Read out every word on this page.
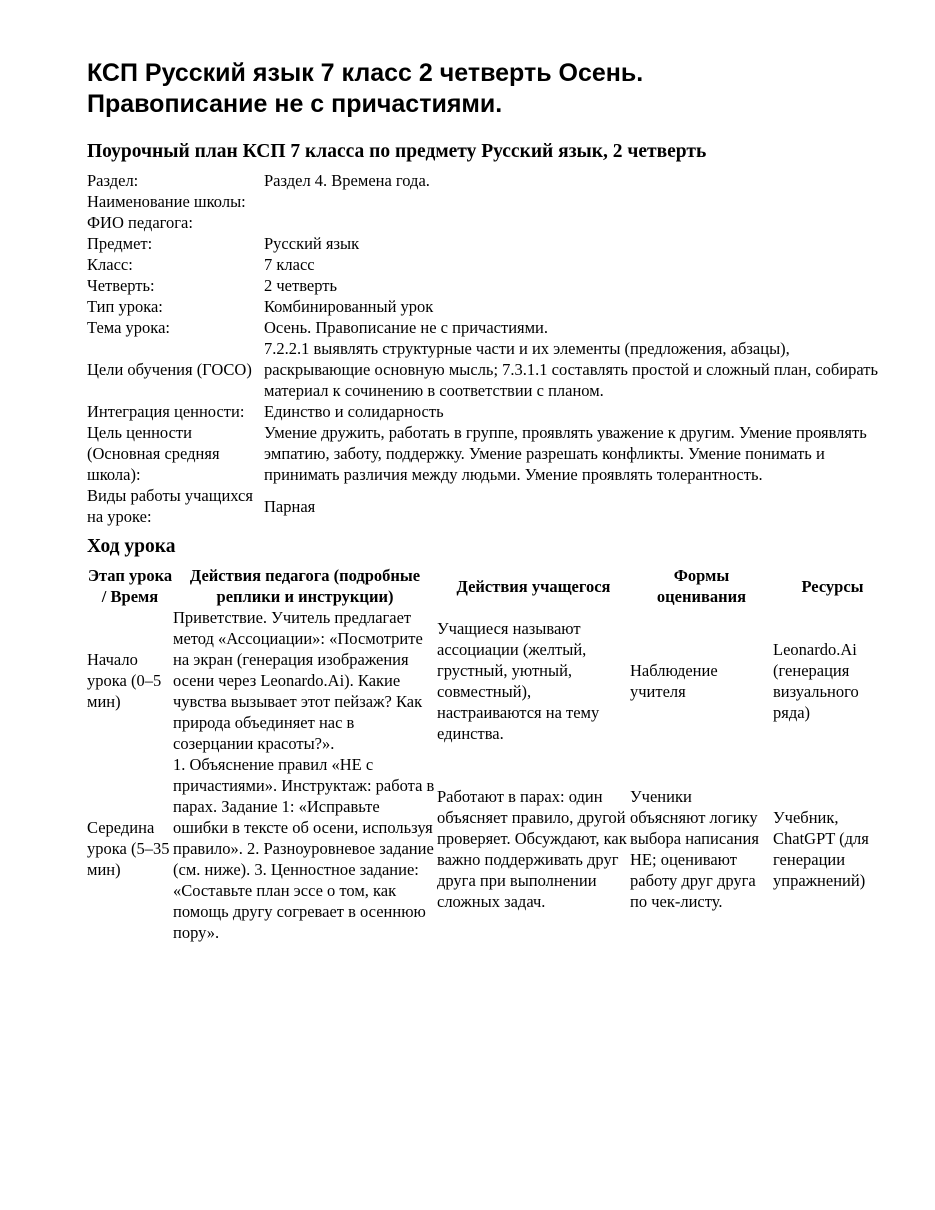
КСП Русский язык 7 класс 2 четверть Осень.
Правописание не с причастиями.
Поурочный план КСП 7 класса по предмету Русский язык, 2 четверть
Раздел:	Раздел 4. Времена года.
Наименование школы:	
ФИО педагога:	
Предмет:	Русский язык
Класс:	7 класс
Четверть:	2 четверть
Тип урока:	Комбинированный урок
Тема урока:	Осень. Правописание не с причастиями.
Цели обучения (ГОСО)	7.2.2.1 выявлять структурные части и их элементы (предложения, абзацы), раскрывающие основную мысль; 7.3.1.1 составлять простой и сложный план, собирать материал к сочинению в соответствии с планом.
Интеграция ценности:	Единство и солидарность
Цель ценности (Основная средняя школа):	Умение дружить, работать в группе, проявлять уважение к другим. Умение проявлять эмпатию, заботу, поддержку. Умение разрешать конфликты. Умение понимать и принимать различия между людьми. Умение проявлять толерантность.
Виды работы учащихся на уроке:	Парная
Ход урока
Этап урока / Время	Действия педагога (подробные реплики и инструкции)	Действия учащегося	Формы оценивания	Ресурсы
Начало урока (0–5 мин)	Приветствие. Учитель предлагает метод «Ассоциации»: «Посмотрите на экран (генерация изображения осени через Leonardo.Ai). Какие чувства вызывает этот пейзаж? Как природа объединяет нас в созерцании красоты?».	Учащиеся называют ассоциации (желтый, грустный, уютный, совместный), настраиваются на тему единства.	Наблюдение учителя	Leonardo.Ai (генерация визуального ряда)
Середина урока (5–35 мин)	1. Объяснение правил «НЕ с причастиями». Инструктаж: работа в парах. Задание 1: «Исправьте ошибки в тексте об осени, используя правило». 2. Разноуровневое задание (см. ниже). 3. Ценностное задание: «Составьте план эссе о том, как помощь другу согревает в осеннюю пору».	Работают в парах: один объясняет правило, другой проверяет. Обсуждают, как важно поддерживать друг друга при выполнении сложных задач.	Ученики объясняют логику выбора написания НЕ; оценивают работу друг друга по чек-листу.	Учебник, ChatGPT (для генерации упражнений)
